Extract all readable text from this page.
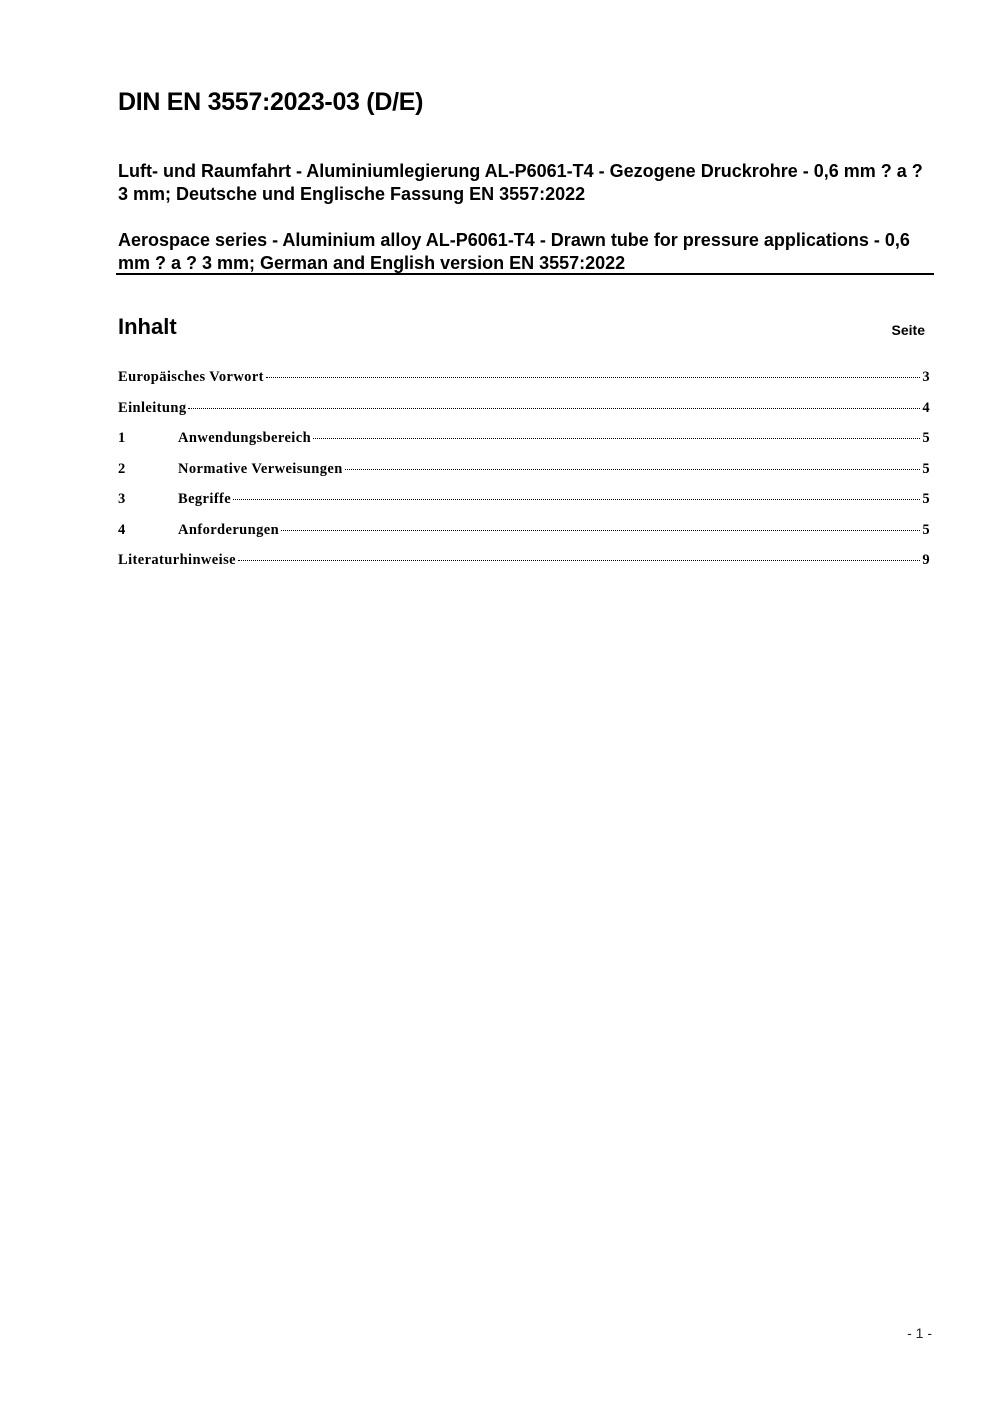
DIN EN 3557:2023-03 (D/E)

Luft- und Raumfahrt - Aluminiumlegierung AL-P6061-T4 - Gezogene Druckrohre - 0,6 mm ? a ? 3 mm; Deutsche und Englische Fassung EN 3557:2022

Aerospace series - Aluminium alloy AL-P6061-T4 - Drawn tube for pressure applications - 0,6 mm ? a ? 3 mm; German and English version EN 3557:2022

Inhalt	Seite
Europäisches Vorwort	3
Einleitung	4
1	Anwendungsbereich	5
2	Normative Verweisungen	5
3	Begriffe	5
4	Anforderungen	5
Literaturhinweise	9
- 1 -
